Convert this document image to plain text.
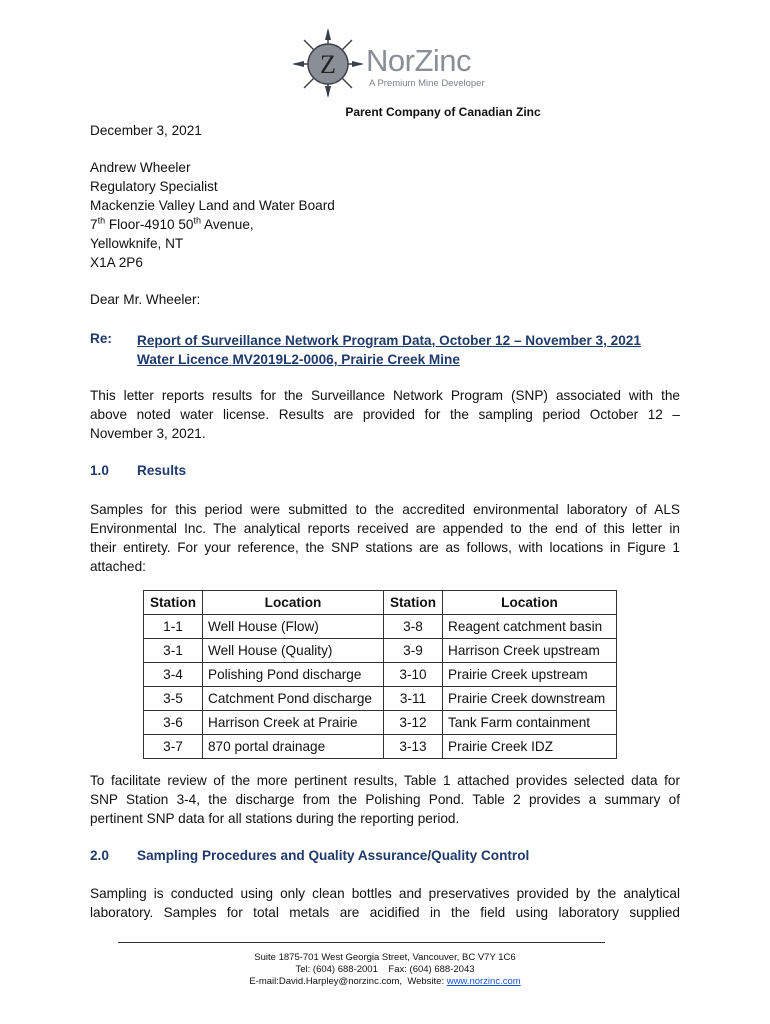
Z NorZinc
A Premium Mine Developer
Parent Company of Canadian Zinc
December 3, 2021
Andrew Wheeler
Regulatory Specialist
Mackenzie Valley Land and Water Board
7th Floor-4910 50th Avenue,
Yellowknife, NT
X1A 2P6
Dear Mr. Wheeler:
Re: Report of Surveillance Network Program Data, October 12 – November 3, 2021
Water Licence MV2019L2-0006, Prairie Creek Mine
This letter reports results for the Surveillance Network Program (SNP) associated with the
above noted water license. Results are provided for the sampling period October 12 –
November 3, 2021.
1.0 Results
Samples for this period were submitted to the accredited environmental laboratory of ALS
Environmental Inc. The analytical reports received are appended to the end of this letter in
their entirety. For your reference, the SNP stations are as follows, with locations in Figure 1
attached:
Station	Location	Station	Location
1-1	Well House (Flow)	3-8	Reagent catchment basin
3-1	Well House (Quality)	3-9	Harrison Creek upstream
3-4	Polishing Pond discharge	3-10	Prairie Creek upstream
3-5	Catchment Pond discharge	3-11	Prairie Creek downstream
3-6	Harrison Creek at Prairie	3-12	Tank Farm containment
3-7	870 portal drainage	3-13	Prairie Creek IDZ
To facilitate review of the more pertinent results, Table 1 attached provides selected data for
SNP Station 3-4, the discharge from the Polishing Pond. Table 2 provides a summary of
pertinent SNP data for all stations during the reporting period.
2.0 Sampling Procedures and Quality Assurance/Quality Control
Sampling is conducted using only clean bottles and preservatives provided by the analytical
laboratory. Samples for total metals are acidified in the field using laboratory supplied
Suite 1875-701 West Georgia Street, Vancouver, BC V7Y 1C6
Tel: (604) 688-2001    Fax: (604) 688-2043
E-mail:David.Harpley@norzinc.com,  Website: www.norzinc.com
